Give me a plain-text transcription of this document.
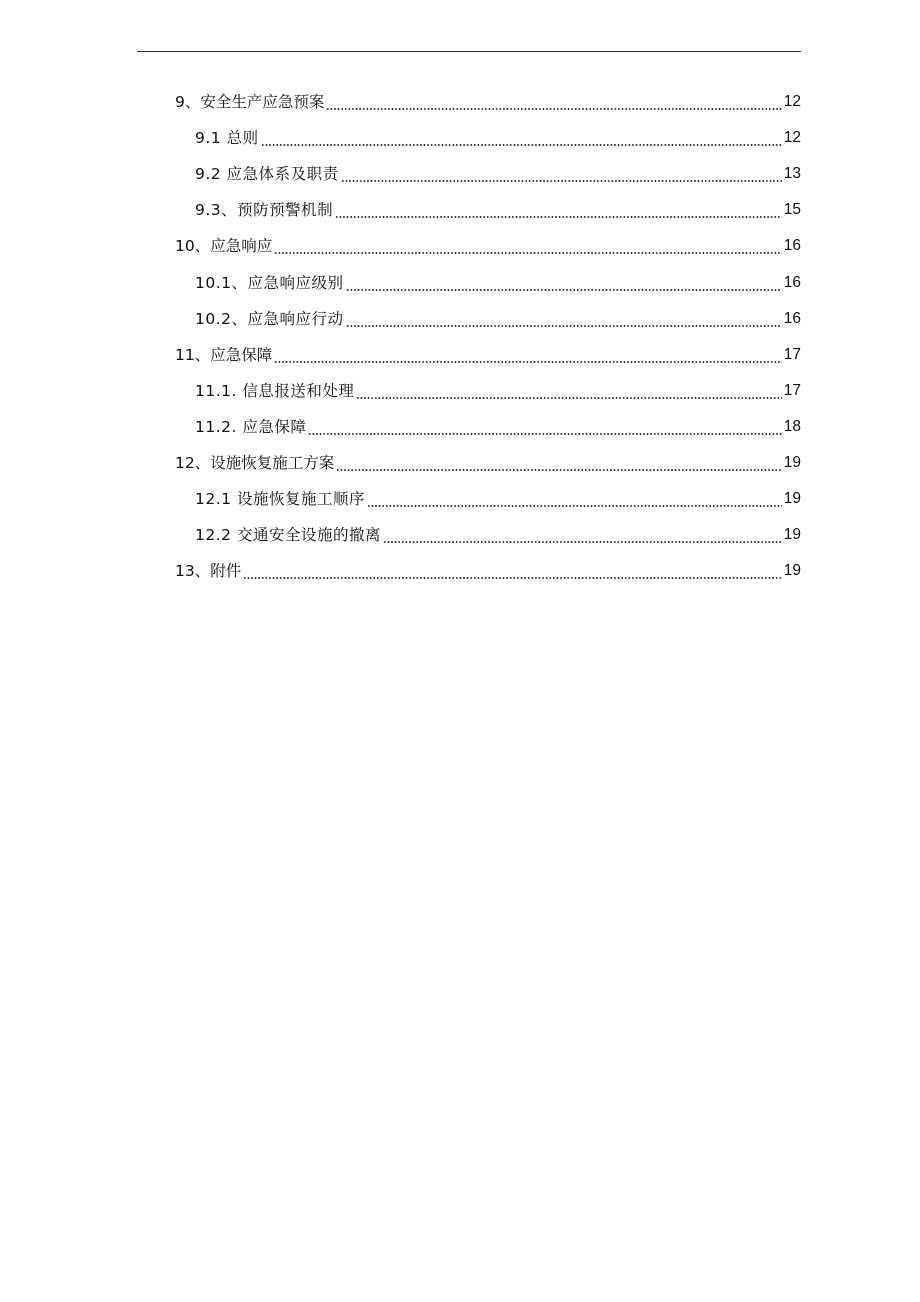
9、安全生产应急预案	12
9.1 总则	12
9.2 应急体系及职责	13
9.3、预防预警机制	15
10、应急响应	16
10.1、应急响应级别	16
10.2、应急响应行动	16
11、应急保障	17
11.1. 信息报送和处理	17
11.2. 应急保障	18
12、设施恢复施工方案	19
12.1 设施恢复施工顺序	19
12.2 交通安全设施的撤离	19
13、附件	19
